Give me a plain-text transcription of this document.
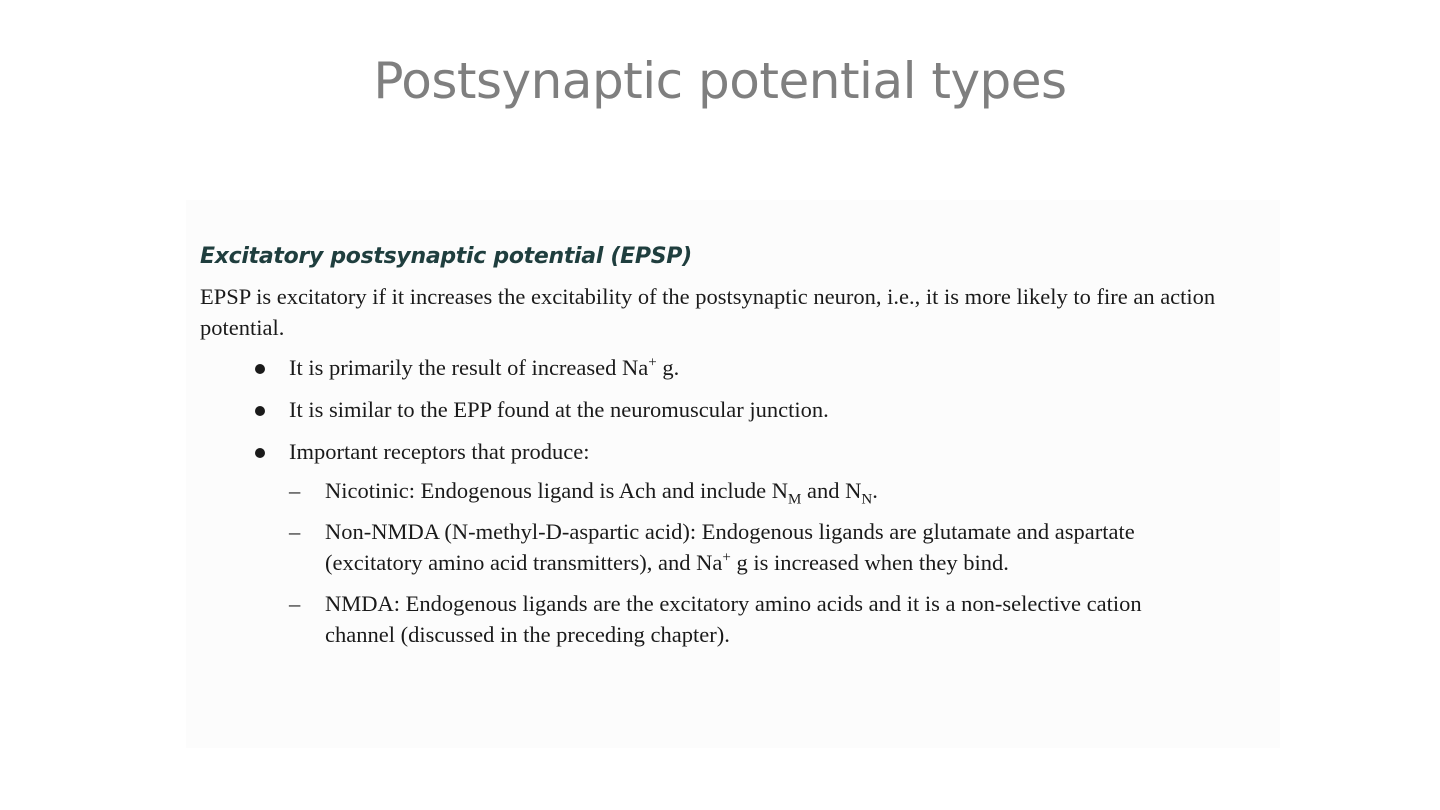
Postsynaptic potential types
Excitatory postsynaptic potential (EPSP)

EPSP is excitatory if it increases the excitability of the postsynaptic neuron, i.e., it is more likely to fire an action potential.

It is primarily the result of increased Na+ g.
It is similar to the EPP found at the neuromuscular junction.
Important receptors that produce:
– Nicotinic: Endogenous ligand is Ach and include $N_M$ and $N_N$.
– Non-NMDA (N-methyl-D-aspartic acid): Endogenous ligands are glutamate and aspartate (excitatory amino acid transmitters), and Na+ g is increased when they bind.
– NMDA: Endogenous ligands are the excitatory amino acids and it is a non-selective cation channel (discussed in the preceding chapter).
